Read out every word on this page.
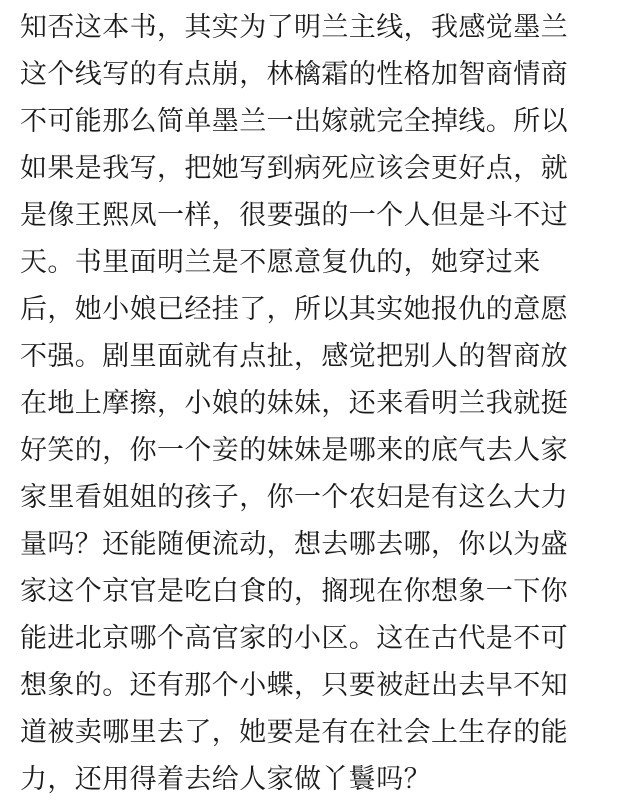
知否这本书，其实为了明兰主线，我感觉墨兰
这个线写的有点崩，林檎霜的性格加智商情商
不可能那么简单墨兰一出嫁就完全掉线。所以
如果是我写，把她写到病死应该会更好点，就
是像王熙凤一样，很要强的一个人但是斗不过
天。书里面明兰是不愿意复仇的，她穿过来
后，她小娘已经挂了，所以其实她报仇的意愿
不强。剧里面就有点扯，感觉把别人的智商放
在地上摩擦，小娘的妹妹，还来看明兰我就挺
好笑的，你一个妾的妹妹是哪来的底气去人家
家里看姐姐的孩子，你一个农妇是有这么大力
量吗？还能随便流动，想去哪去哪，你以为盛
家这个京官是吃白食的，搁现在你想象一下你
能进北京哪个高官家的小区。这在古代是不可
想象的。还有那个小蝶，只要被赶出去早不知
道被卖哪里去了，她要是有在社会上生存的能
力，还用得着去给人家做丫鬟吗？
